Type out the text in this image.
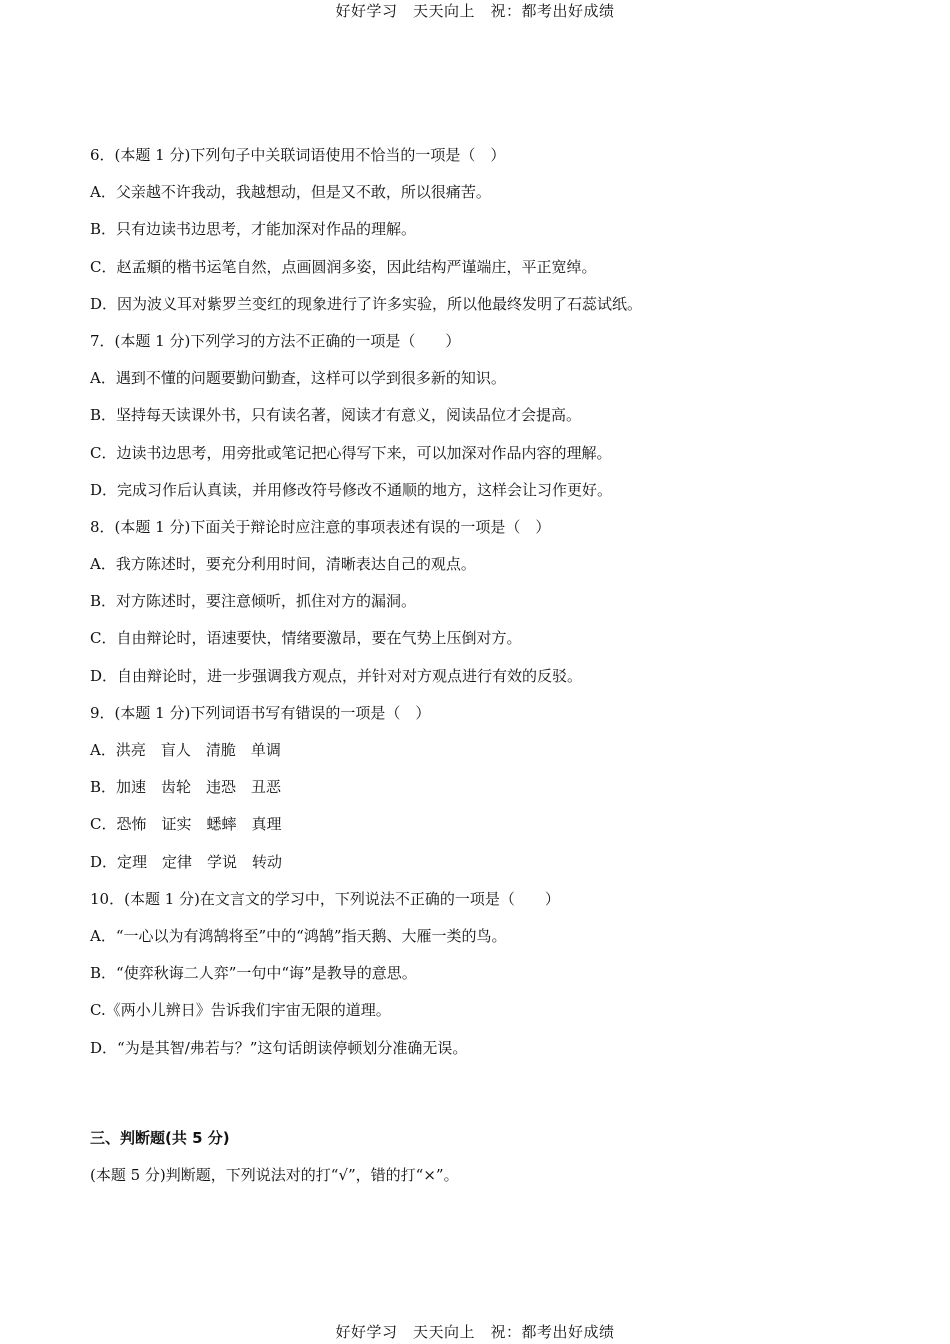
好好学习　天天向上　祝：都考出好成绩
6．(本题 1 分)下列句子中关联词语使用不恰当的一项是（　）
A．父亲越不许我动，我越想动，但是又不敢，所以很痛苦。
B．只有边读书边思考，才能加深对作品的理解。
C．赵孟頫的楷书运笔自然，点画圆润多姿，因此结构严谨端庄，平正宽绰。
D．因为波义耳对紫罗兰变红的现象进行了许多实验，所以他最终发明了石蕊试纸。
7．(本题 1 分)下列学习的方法不正确的一项是（　　）
A．遇到不懂的问题要勤问勤查，这样可以学到很多新的知识。
B．坚持每天读课外书，只有读名著，阅读才有意义，阅读品位才会提高。
C．边读书边思考，用旁批或笔记把心得写下来，可以加深对作品内容的理解。
D．完成习作后认真读，并用修改符号修改不通顺的地方，这样会让习作更好。
8．(本题 1 分)下面关于辩论时应注意的事项表述有误的一项是（　）
A．我方陈述时，要充分利用时间，清晰表达自己的观点。
B．对方陈述时，要注意倾听，抓住对方的漏洞。
C．自由辩论时，语速要快，情绪要激昂，要在气势上压倒对方。
D．自由辩论时，进一步强调我方观点，并针对对方观点进行有效的反驳。
9．(本题 1 分)下列词语书写有错误的一项是（　）
A．洪亮　盲人　清脆　单调
B．加速　齿轮　违恐　丑恶
C．恐怖　证实　蟋蟀　真理
D．定理　定律　学说　转动
10．(本题 1 分)在文言文的学习中，下列说法不正确的一项是（　　）
A．“一心以为有鸿鹄将至”中的“鸿鹄”指天鹅、大雁一类的鸟。
B．“使弈秋诲二人弈”一句中“诲”是教导的意思。
C.《两小儿辨日》告诉我们宇宙无限的道理。
D．“为是其智/弗若与？”这句话朗读停顿划分准确无误。
三、判断题(共 5 分)
(本题 5 分)判断题，下列说法对的打“√”，错的打“×”。
好好学习　天天向上　祝：都考出好成绩
